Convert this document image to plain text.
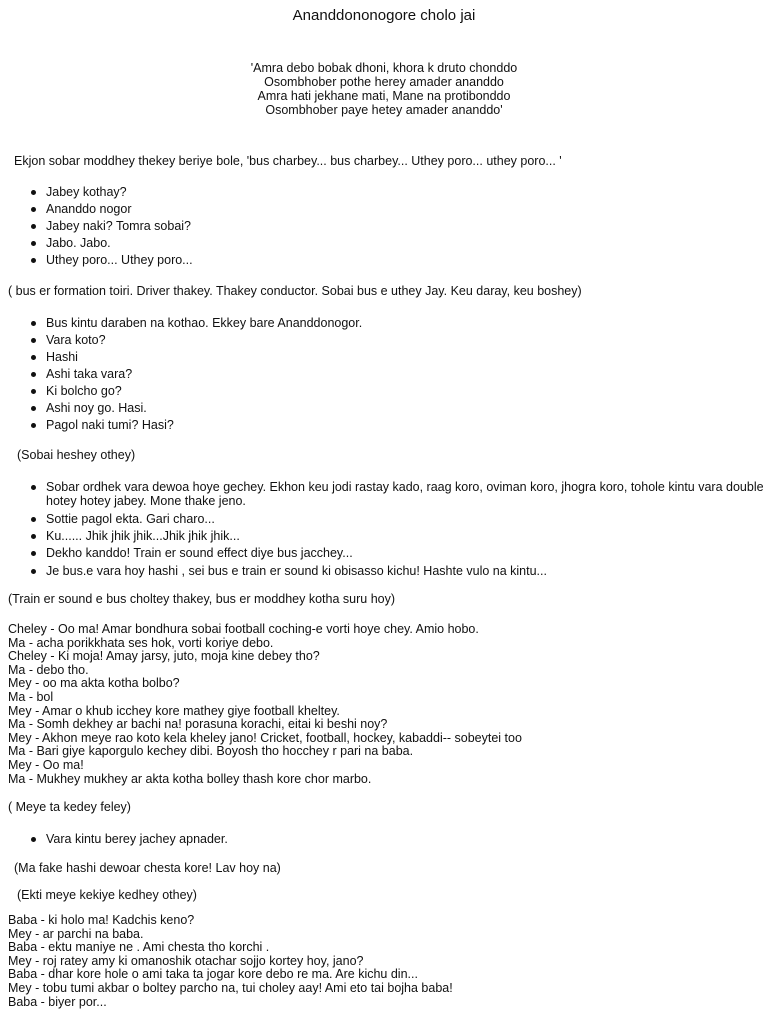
Ananddononogore cholo jai
'Amra debo bobak dhoni, khora k druto chonddo
Osombhober pothe herey amader ananddo
Amra hati jekhane mati, Mane na protibonddo
Osombhober paye hetey amader ananddo'
Ekjon sobar moddhey thekey beriye bole, 'bus charbey... bus charbey... Uthey poro... uthey poro... '
Jabey kothay?
Ananddo nogor
Jabey naki? Tomra sobai?
Jabo. Jabo.
Uthey poro... Uthey poro...
( bus er formation toiri. Driver thakey. Thakey conductor. Sobai bus e uthey Jay. Keu daray, keu boshey)
Bus kintu daraben na kothao. Ekkey bare Ananddonogor.
Vara koto?
Hashi
Ashi taka vara?
Ki bolcho go?
Ashi noy go. Hasi.
Pagol naki tumi? Hasi?
(Sobai heshey othey)
Sobar ordhek vara dewoa hoye gechey. Ekhon keu jodi rastay kado, raag koro, oviman koro, jhogra koro, tohole kintu vara double
hotey hotey jabey. Mone thake jeno.
Sottie pagol ekta. Gari charo...
Ku...... Jhik jhik jhik...Jhik jhik jhik...
Dekho kanddo! Train er sound effect diye bus jacchey...
Je bus.e vara hoy hashi , sei bus e train er sound ki obisasso kichu! Hashte vulo na kintu...
(Train er sound e bus choltey thakey, bus er moddhey kotha suru hoy)
Cheley - Oo ma! Amar bondhura sobai football coching-e vorti hoye chey. Amio hobo.
Ma - acha porikkhata ses hok, vorti koriye debo.
Cheley - Ki moja! Amay jarsy, juto, moja kine debey tho?
Ma - debo tho.
Mey - oo ma akta kotha bolbo?
Ma - bol
Mey - Amar o khub icchey kore mathey giye football kheltey.
Ma - Somh dekhey ar bachi na! porasuna korachi, eitai ki beshi noy?
Mey - Akhon meye rao koto kela kheley jano! Cricket, football, hockey, kabaddi-- sobeytei too
Ma - Bari giye kaporgulo kechey dibi. Boyosh tho hocchey r pari na baba.
Mey - Oo ma!
Ma - Mukhey mukhey ar akta kotha bolley thash kore chor marbo.
( Meye ta kedey feley)
Vara kintu berey jachey apnader.
(Ma fake hashi dewoar chesta kore! Lav hoy na)
(Ekti meye kekiye kedhey othey)
Baba - ki holo ma! Kadchis keno?
Mey - ar parchi na baba.
Baba - ektu maniye ne . Ami chesta tho korchi .
Mey - roj ratey amy ki omanoshik otachar sojjo kortey hoy, jano?
Baba - dhar kore hole o ami taka ta jogar kore debo re ma. Are kichu din...
Mey - tobu tumi akbar o boltey parcho na, tui choley aay! Ami eto tai bojha baba!
Baba - biyer por...
